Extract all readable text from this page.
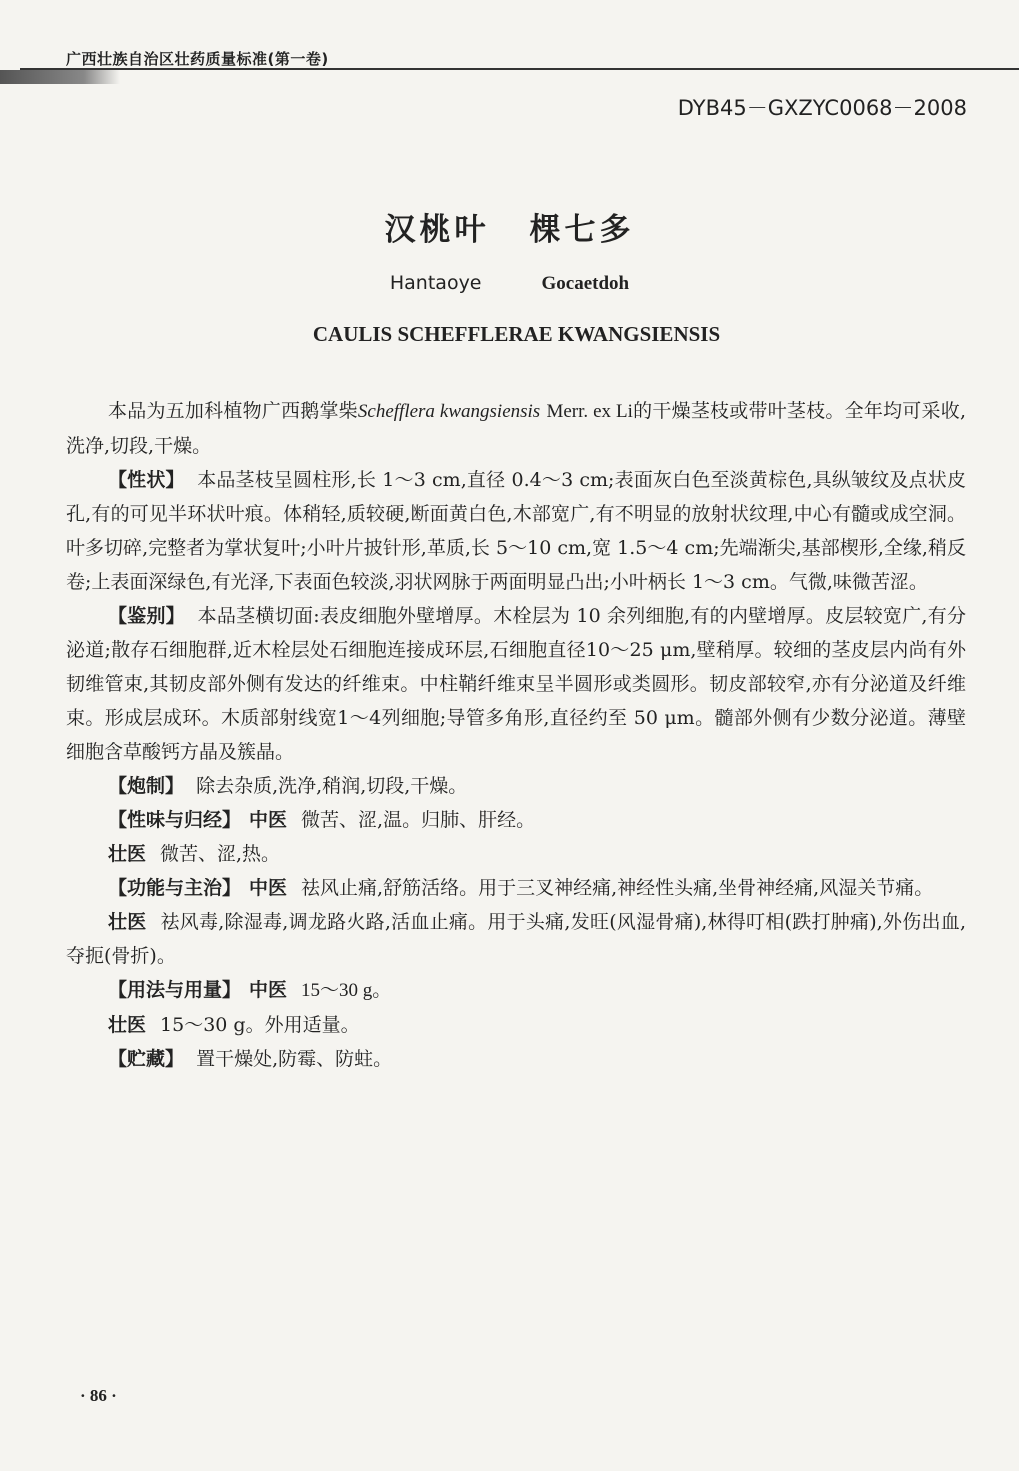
广西壮族自治区壮药质量标准(第一卷)
DYB45－GXZYC0068－2008
汉桃叶 棵七多
Hantaoye	Gocaetdoh
CAULIS SCHEFFLERAE KWANGSIENSIS

本品为五加科植物广西鹅掌柴Schefflera kwangsiensis Merr. ex Li的干燥茎枝或带叶茎枝。全年均可采收,洗净,切段,干燥。

【性状】 本品茎枝呈圆柱形,长 1～3 cm,直径 0.4～3 cm;表面灰白色至淡黄棕色,具纵皱纹及点状皮孔,有的可见半环状叶痕。体稍轻,质较硬,断面黄白色,木部宽广,有不明显的放射状纹理,中心有髓或成空洞。叶多切碎,完整者为掌状复叶;小叶片披针形,革质,长 5～10 cm,宽 1.5～4 cm;先端渐尖,基部楔形,全缘,稍反卷;上表面深绿色,有光泽,下表面色较淡,羽状网脉于两面明显凸出;小叶柄长 1～3 cm。气微,味微苦涩。

【鉴别】 本品茎横切面:表皮细胞外壁增厚。木栓层为 10 余列细胞,有的内壁增厚。皮层较宽广,有分泌道;散存石细胞群,近木栓层处石细胞连接成环层,石细胞直径10～25 μm,壁稍厚。较细的茎皮层内尚有外韧维管束,其韧皮部外侧有发达的纤维束。中柱鞘纤维束呈半圆形或类圆形。韧皮部较窄,亦有分泌道及纤维束。形成层成环。木质部射线宽1～4列细胞;导管多角形,直径约至 50 μm。髓部外侧有少数分泌道。薄壁细胞含草酸钙方晶及簇晶。

【炮制】 除去杂质,洗净,稍润,切段,干燥。

【性味与归经】 中医 微苦、涩,温。归肺、肝经。

壮医 微苦、涩,热。

【功能与主治】 中医 祛风止痛,舒筋活络。用于三叉神经痛,神经性头痛,坐骨神经痛,风湿关节痛。

壮医 祛风毒,除湿毒,调龙路火路,活血止痛。用于头痛,发旺(风湿骨痛),林得叮相(跌打肿痛),外伤出血,夺扼(骨折)。

【用法与用量】 中医 15～30 g。

壮医 15～30 g。外用适量。

【贮藏】 置干燥处,防霉、防蛀。

· 86 ·
